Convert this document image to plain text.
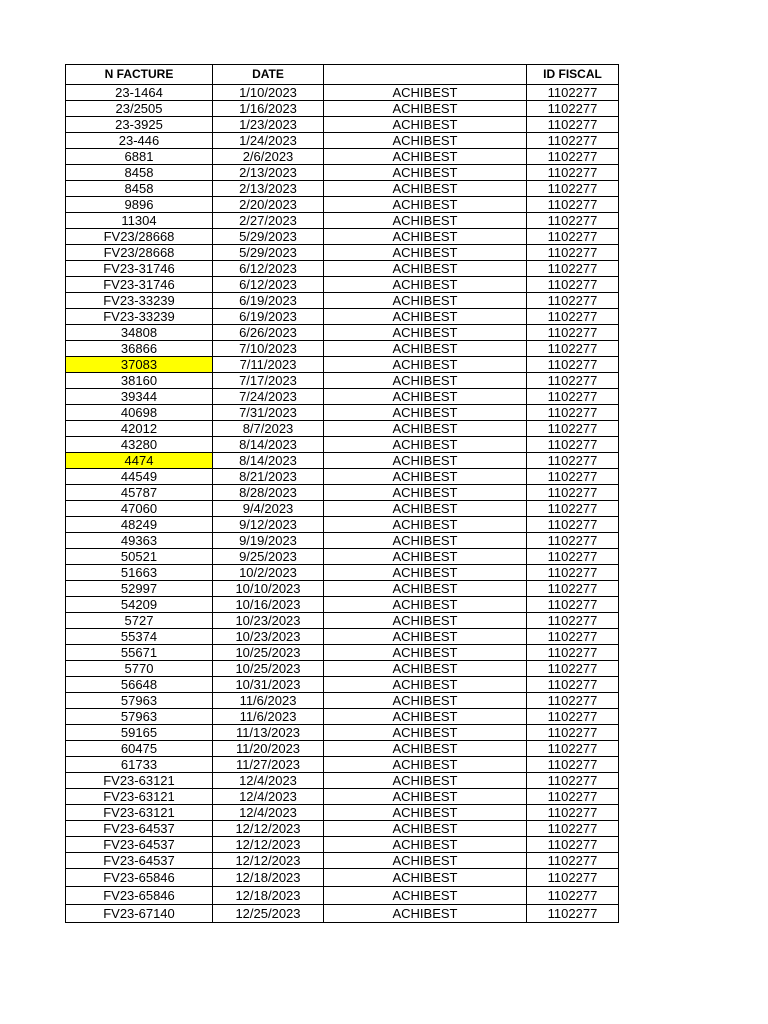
N FACTURE	DATE		ID FISCAL
23-1464	1/10/2023	ACHIBEST	1102277
23/2505	1/16/2023	ACHIBEST	1102277
23-3925	1/23/2023	ACHIBEST	1102277
23-446	1/24/2023	ACHIBEST	1102277
6881	2/6/2023	ACHIBEST	1102277
8458	2/13/2023	ACHIBEST	1102277
8458	2/13/2023	ACHIBEST	1102277
9896	2/20/2023	ACHIBEST	1102277
11304	2/27/2023	ACHIBEST	1102277
FV23/28668	5/29/2023	ACHIBEST	1102277
FV23/28668	5/29/2023	ACHIBEST	1102277
FV23-31746	6/12/2023	ACHIBEST	1102277
FV23-31746	6/12/2023	ACHIBEST	1102277
FV23-33239	6/19/2023	ACHIBEST	1102277
FV23-33239	6/19/2023	ACHIBEST	1102277
34808	6/26/2023	ACHIBEST	1102277
36866	7/10/2023	ACHIBEST	1102277
37083	7/11/2023	ACHIBEST	1102277
38160	7/17/2023	ACHIBEST	1102277
39344	7/24/2023	ACHIBEST	1102277
40698	7/31/2023	ACHIBEST	1102277
42012	8/7/2023	ACHIBEST	1102277
43280	8/14/2023	ACHIBEST	1102277
4474	8/14/2023	ACHIBEST	1102277
44549	8/21/2023	ACHIBEST	1102277
45787	8/28/2023	ACHIBEST	1102277
47060	9/4/2023	ACHIBEST	1102277
48249	9/12/2023	ACHIBEST	1102277
49363	9/19/2023	ACHIBEST	1102277
50521	9/25/2023	ACHIBEST	1102277
51663	10/2/2023	ACHIBEST	1102277
52997	10/10/2023	ACHIBEST	1102277
54209	10/16/2023	ACHIBEST	1102277
5727	10/23/2023	ACHIBEST	1102277
55374	10/23/2023	ACHIBEST	1102277
55671	10/25/2023	ACHIBEST	1102277
5770	10/25/2023	ACHIBEST	1102277
56648	10/31/2023	ACHIBEST	1102277
57963	11/6/2023	ACHIBEST	1102277
57963	11/6/2023	ACHIBEST	1102277
59165	11/13/2023	ACHIBEST	1102277
60475	11/20/2023	ACHIBEST	1102277
61733	11/27/2023	ACHIBEST	1102277
FV23-63121	12/4/2023	ACHIBEST	1102277
FV23-63121	12/4/2023	ACHIBEST	1102277
FV23-63121	12/4/2023	ACHIBEST	1102277
FV23-64537	12/12/2023	ACHIBEST	1102277
FV23-64537	12/12/2023	ACHIBEST	1102277
FV23-64537	12/12/2023	ACHIBEST	1102277
FV23-65846	12/18/2023	ACHIBEST	1102277
FV23-65846	12/18/2023	ACHIBEST	1102277
FV23-67140	12/25/2023	ACHIBEST	1102277
